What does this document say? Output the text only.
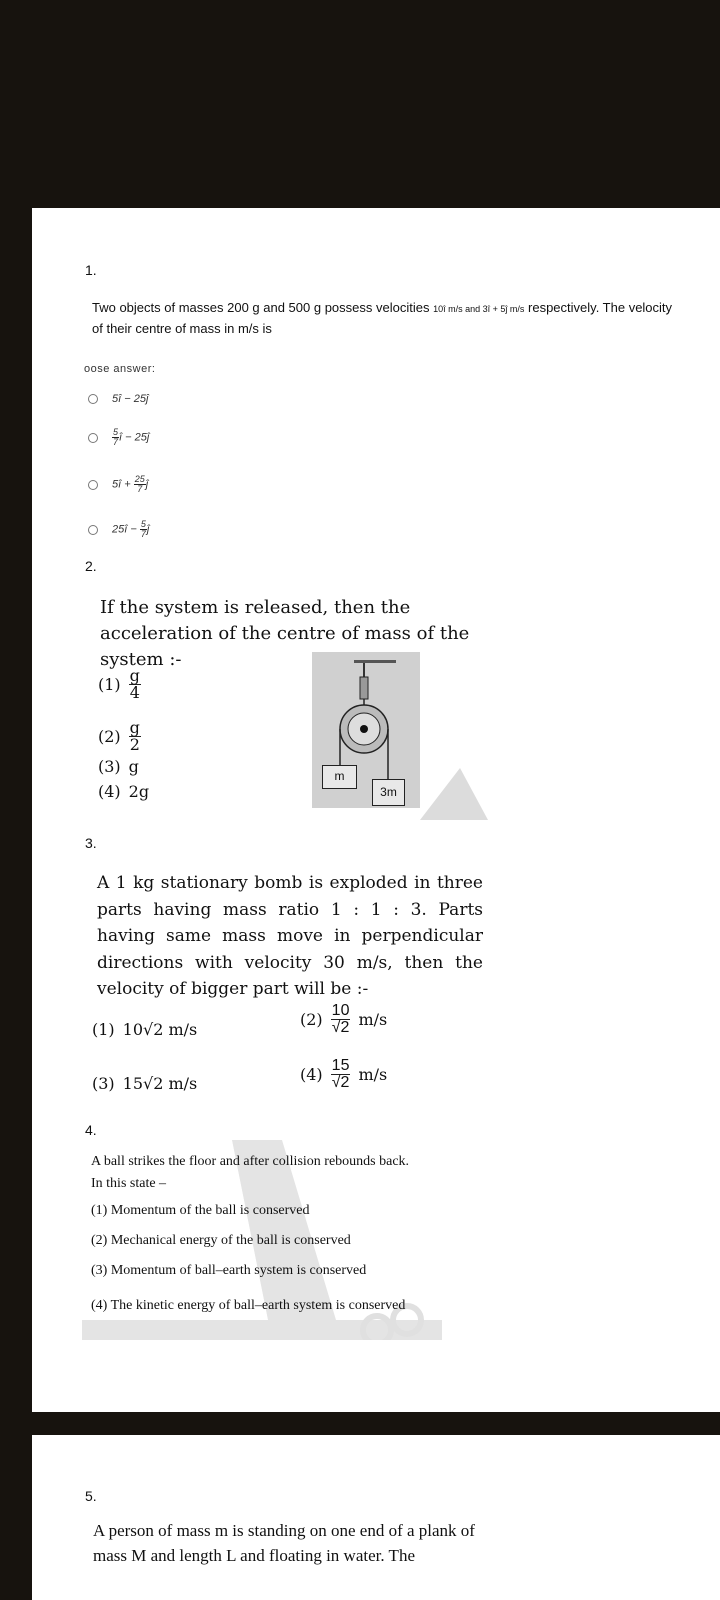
1.
Two objects of masses 200 g and 500 g possess velocities 10î m/s and 3î + 5ĵ m/s respectively. The velocity of their centre of mass in m/s is
oose answer:
5î − 25ĵ
$\frac{5}{7}$ î − 25ĵ
5î + $\frac{25}{7}$ ĵ
25î − $\frac{5}{7}$ ĵ
2.
If the system is released, then the acceleration of the centre of mass of the system :-
$(1) \frac{g}{4}$
$(2) \frac{g}{2}$
(3) g
(4) 2g
m
3m
3.
A 1 kg stationary bomb is exploded in three parts having mass ratio 1 : 1 : 3. Parts having same mass move in perpendicular directions with velocity 30 m/s, then the velocity of bigger part will be :-
(1) 10√2 m/s
$(2) \frac{10}{√2} m/s$
(3) 15√2 m/s	$(4) \frac{15}{√2} m/s$
4.
A ball strikes the floor and after collision rebounds back. In this state –
(1) Momentum of the ball is conserved
(2) Mechanical energy of the ball is conserved
(3) Momentum of ball–earth system is conserved
(4) The kinetic energy of ball–earth system is conserved
5.
A person of mass m is standing on one end of a plank of mass M and length L and floating in water. The
